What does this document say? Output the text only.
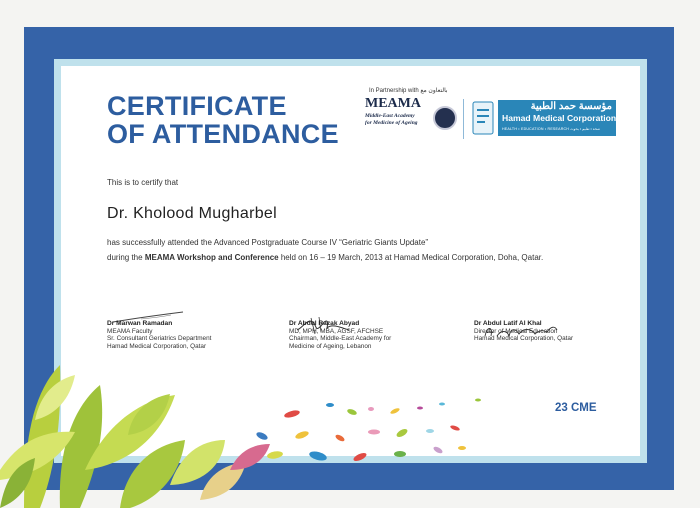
CERTIFICATE
OF ATTENDANCE
In Partnership with بالتعاون مع
MEAMA
Middle-East Academy
for Medicine of Ageing
مؤسسة حمد الطبية
Hamad Medical Corporation
HEALTH • EDUCATION • RESEARCH صحة • تعليم • بحوث
This is to certify that
Dr. Kholood Mugharbel
has successfully attended the Advanced Postgraduate Course IV “Geriatric Giants Update”
during the MEAMA Workshop and Conference held on 16 – 19 March, 2013 at Hamad Medical Corporation, Doha, Qatar.
Dr Marwan Ramadan
MEAMA Faculty
Sr. Consultant Geriatrics Department
Hamad Medical Corporation, Qatar
Dr Abdul Razak Abyad
MD, MPH, MBA, AGSF, AFCHSE
Chairman, Middle-East Academy for
Medicine of Ageing, Lebanon
Dr Abdul Latif Al Khal
Director of Medical Education
Hamad Medical Corporation, Qatar
23 CME
